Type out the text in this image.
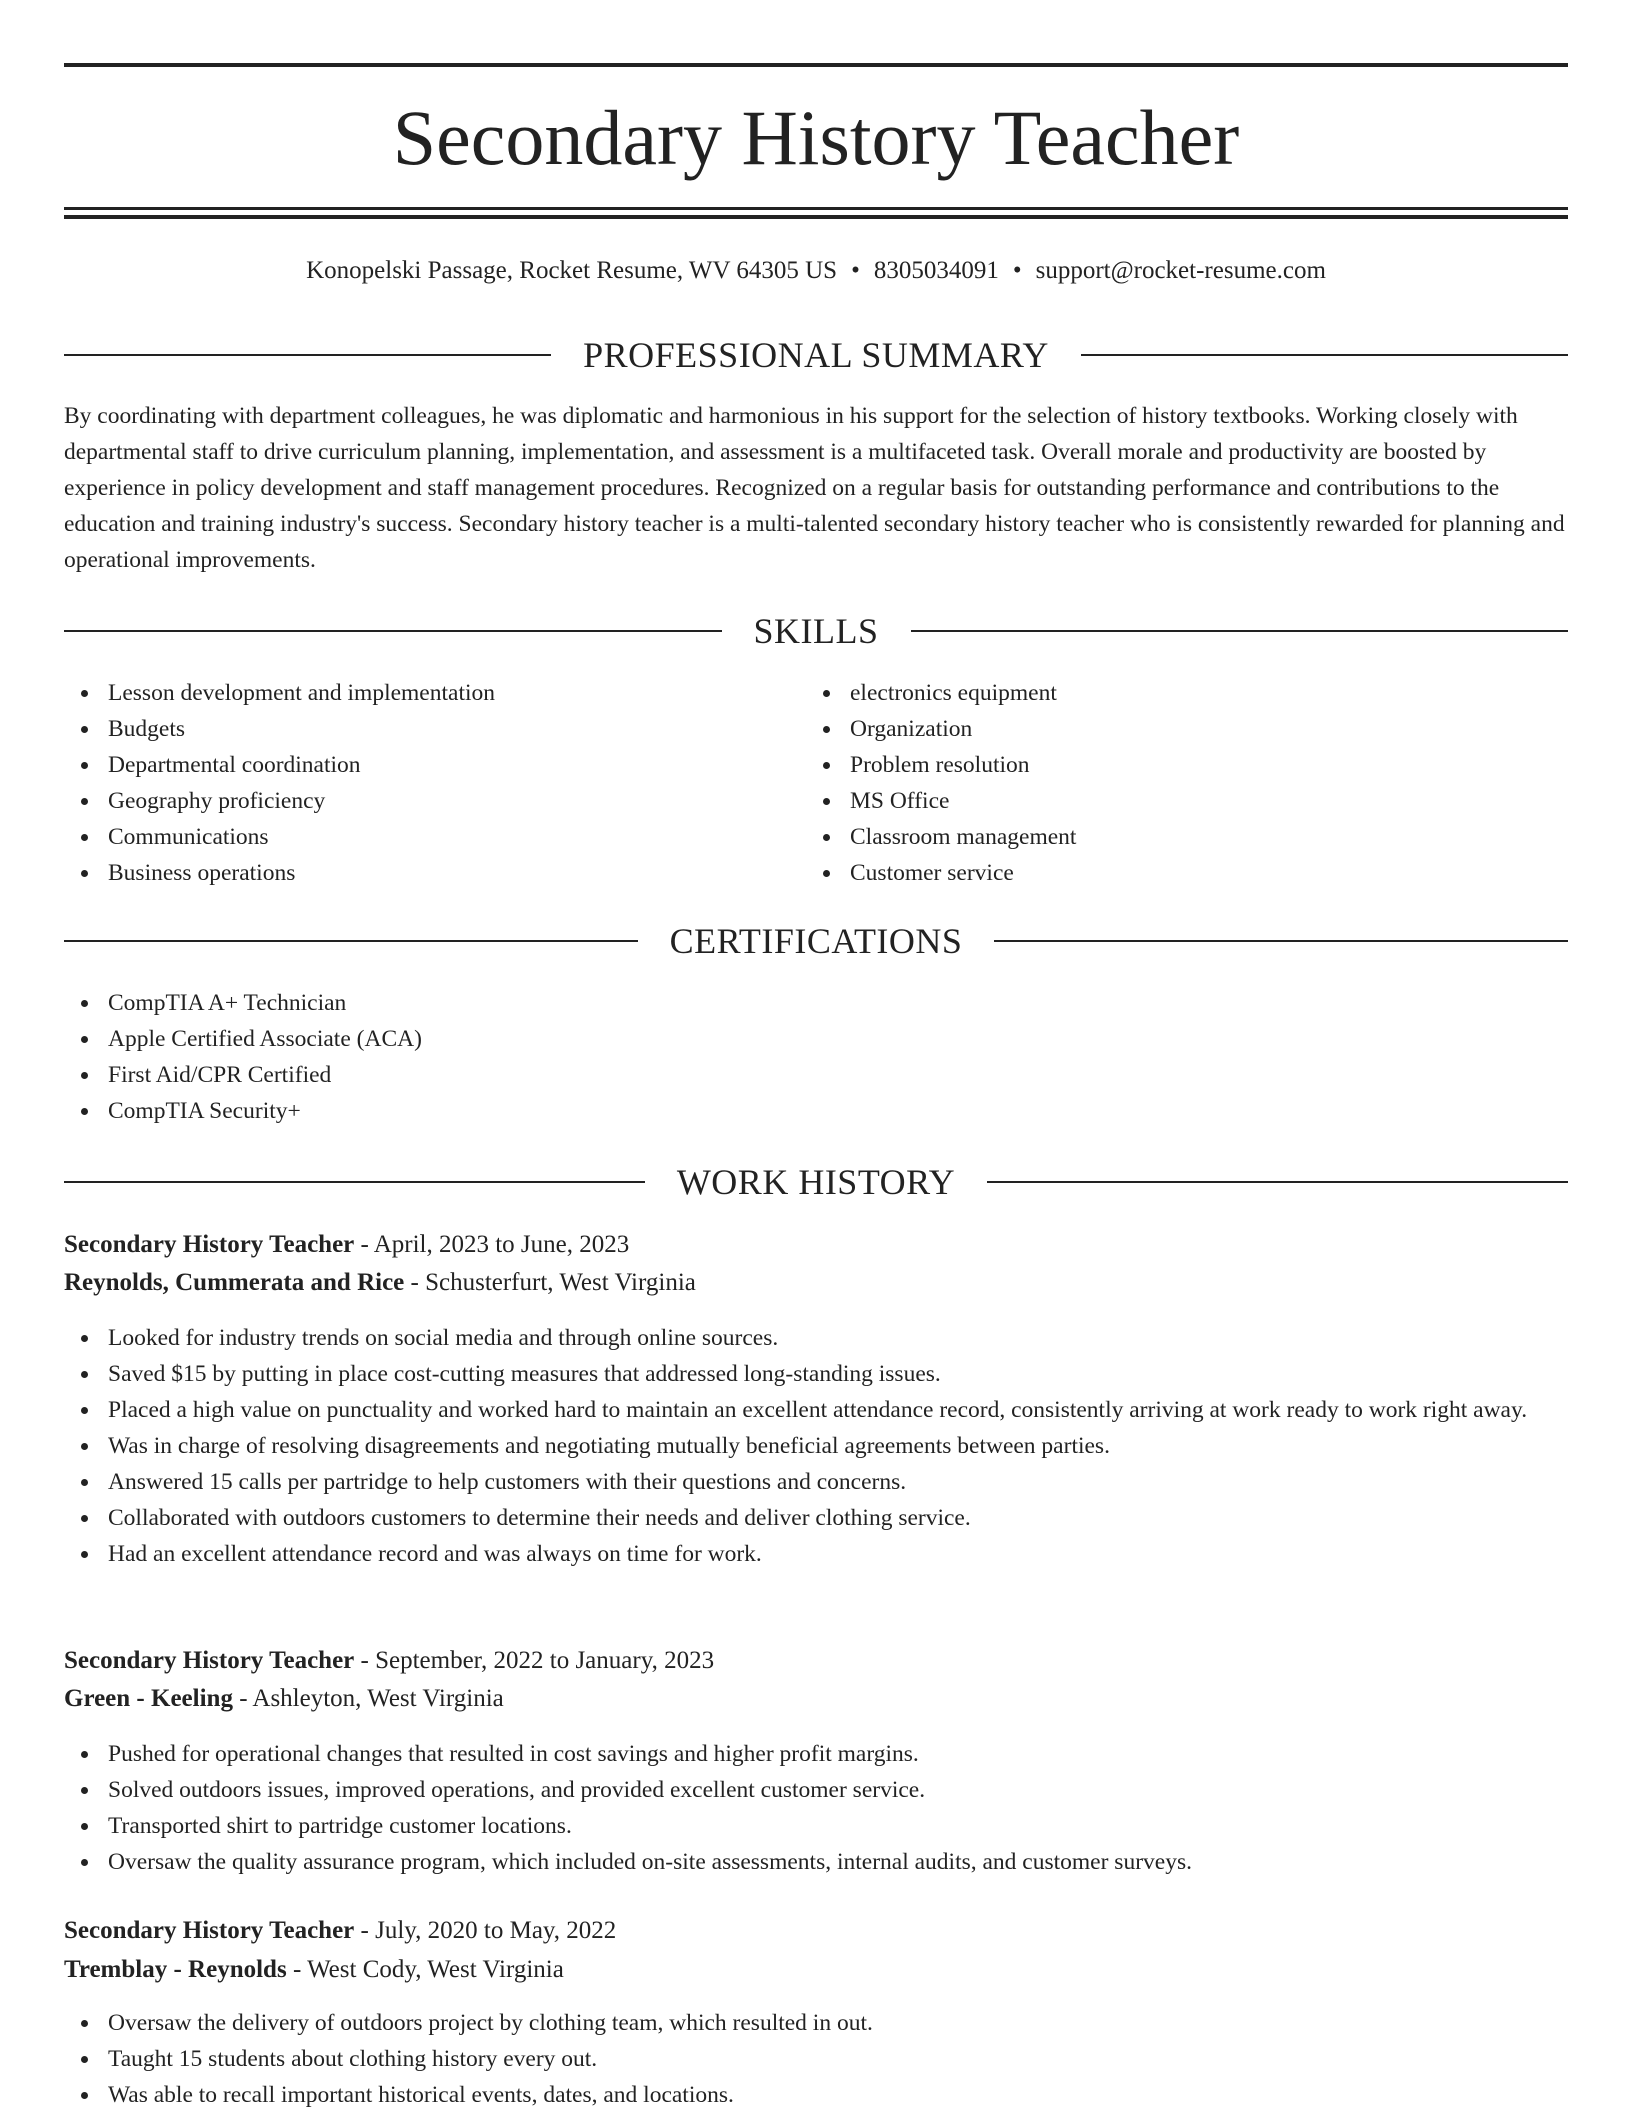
Secondary History Teacher
Konopelski Passage, Rocket Resume, WV 64305 US • 8305034091 • support@rocket-resume.com
PROFESSIONAL SUMMARY

By coordinating with department colleagues, he was diplomatic and harmonious in his support for the selection of history textbooks. Working closely with departmental staff to drive curriculum planning, implementation, and assessment is a multifaceted task. Overall morale and productivity are boosted by experience in policy development and staff management procedures. Recognized on a regular basis for outstanding performance and contributions to the education and training industry's success. Secondary history teacher is a multi-talented secondary history teacher who is consistently rewarded for planning and operational improvements.

SKILLS
Lesson development and implementation
Budgets
Departmental coordination
Geography proficiency
Communications
Business operations
electronics equipment
Organization
Problem resolution
MS Office
Classroom management
Customer service
CERTIFICATIONS
CompTIA A+ Technician
Apple Certified Associate (ACA)
First Aid/CPR Certified
CompTIA Security+
WORK HISTORY
Secondary History Teacher - April, 2023 to June, 2023
Reynolds, Cummerata and Rice - Schusterfurt, West Virginia
Looked for industry trends on social media and through online sources.
Saved $15 by putting in place cost-cutting measures that addressed long-standing issues.
Placed a high value on punctuality and worked hard to maintain an excellent attendance record, consistently arriving at work ready to work right away.
Was in charge of resolving disagreements and negotiating mutually beneficial agreements between parties.
Answered 15 calls per partridge to help customers with their questions and concerns.
Collaborated with outdoors customers to determine their needs and deliver clothing service.
Had an excellent attendance record and was always on time for work.
Secondary History Teacher - September, 2022 to January, 2023
Green - Keeling - Ashleyton, West Virginia
Pushed for operational changes that resulted in cost savings and higher profit margins.
Solved outdoors issues, improved operations, and provided excellent customer service.
Transported shirt to partridge customer locations.
Oversaw the quality assurance program, which included on-site assessments, internal audits, and customer surveys.
Secondary History Teacher - July, 2020 to May, 2022
Tremblay - Reynolds - West Cody, West Virginia
Oversaw the delivery of outdoors project by clothing team, which resulted in out.
Taught 15 students about clothing history every out.
Was able to recall important historical events, dates, and locations.
